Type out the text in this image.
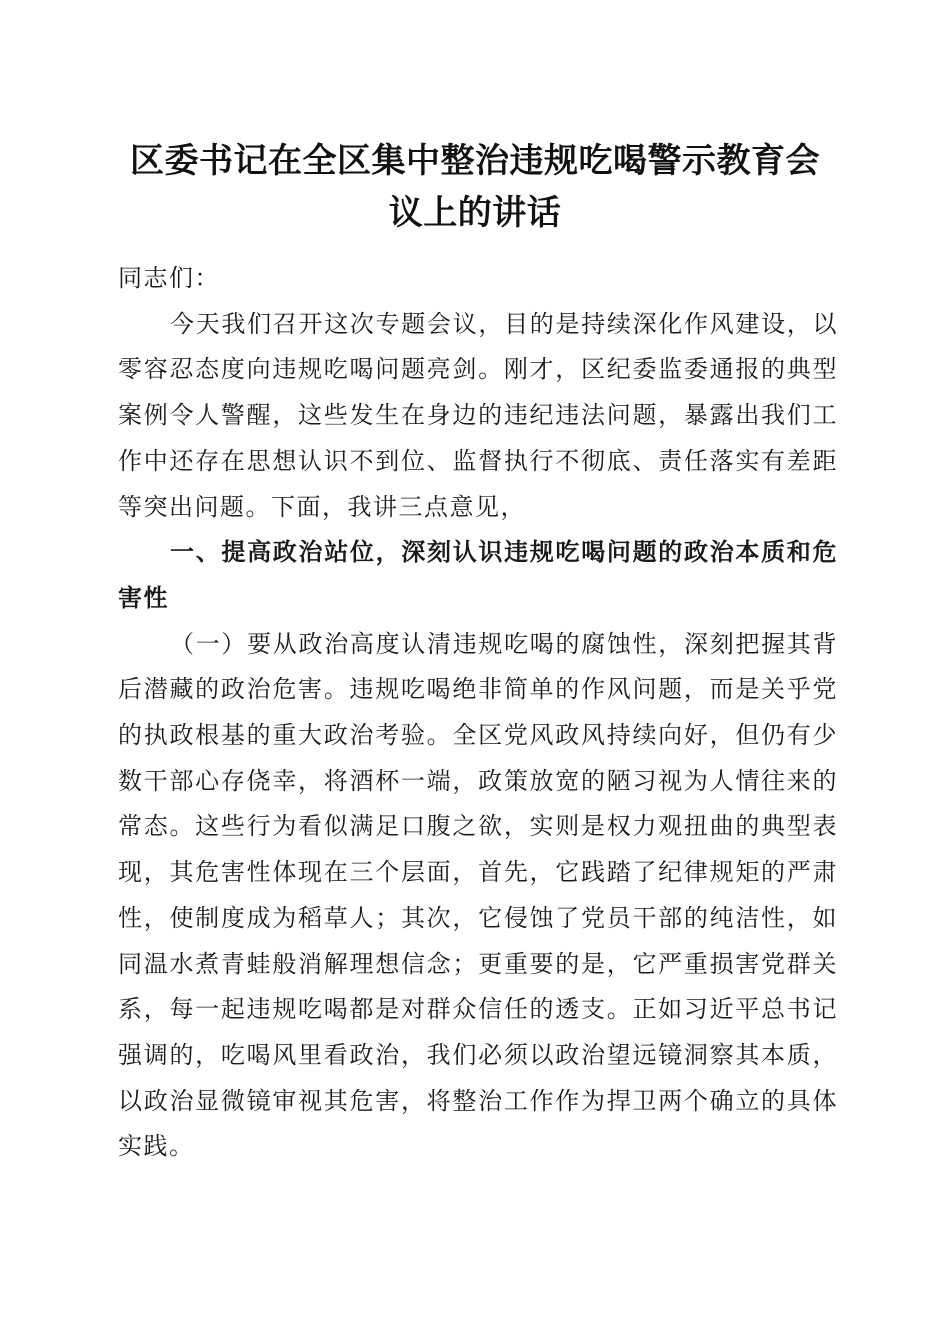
区委书记在全区集中整治违规吃喝警示教育会议上的讲话

同志们：

今天我们召开这次专题会议，目的是持续深化作风建设，以零容忍态度向违规吃喝问题亮剑。刚才，区纪委监委通报的典型案例令人警醒，这些发生在身边的违纪违法问题，暴露出我们工作中还存在思想认识不到位、监督执行不彻底、责任落实有差距等突出问题。下面，我讲三点意见，

一、提高政治站位，深刻认识违规吃喝问题的政治本质和危害性

（一）要从政治高度认清违规吃喝的腐蚀性，深刻把握其背后潜藏的政治危害。违规吃喝绝非简单的作风问题，而是关乎党的执政根基的重大政治考验。全区党风政风持续向好，但仍有少数干部心存侥幸，将酒杯一端，政策放宽的陋习视为人情往来的常态。这些行为看似满足口腹之欲，实则是权力观扭曲的典型表现，其危害性体现在三个层面，首先，它践踏了纪律规矩的严肃性，使制度成为稻草人；其次，它侵蚀了党员干部的纯洁性，如同温水煮青蛙般消解理想信念；更重要的是，它严重损害党群关系，每一起违规吃喝都是对群众信任的透支。正如习近平总书记强调的，吃喝风里看政治，我们必须以政治望远镜洞察其本质，以政治显微镜审视其危害，将整治工作作为捍卫两个确立的具体实践。
